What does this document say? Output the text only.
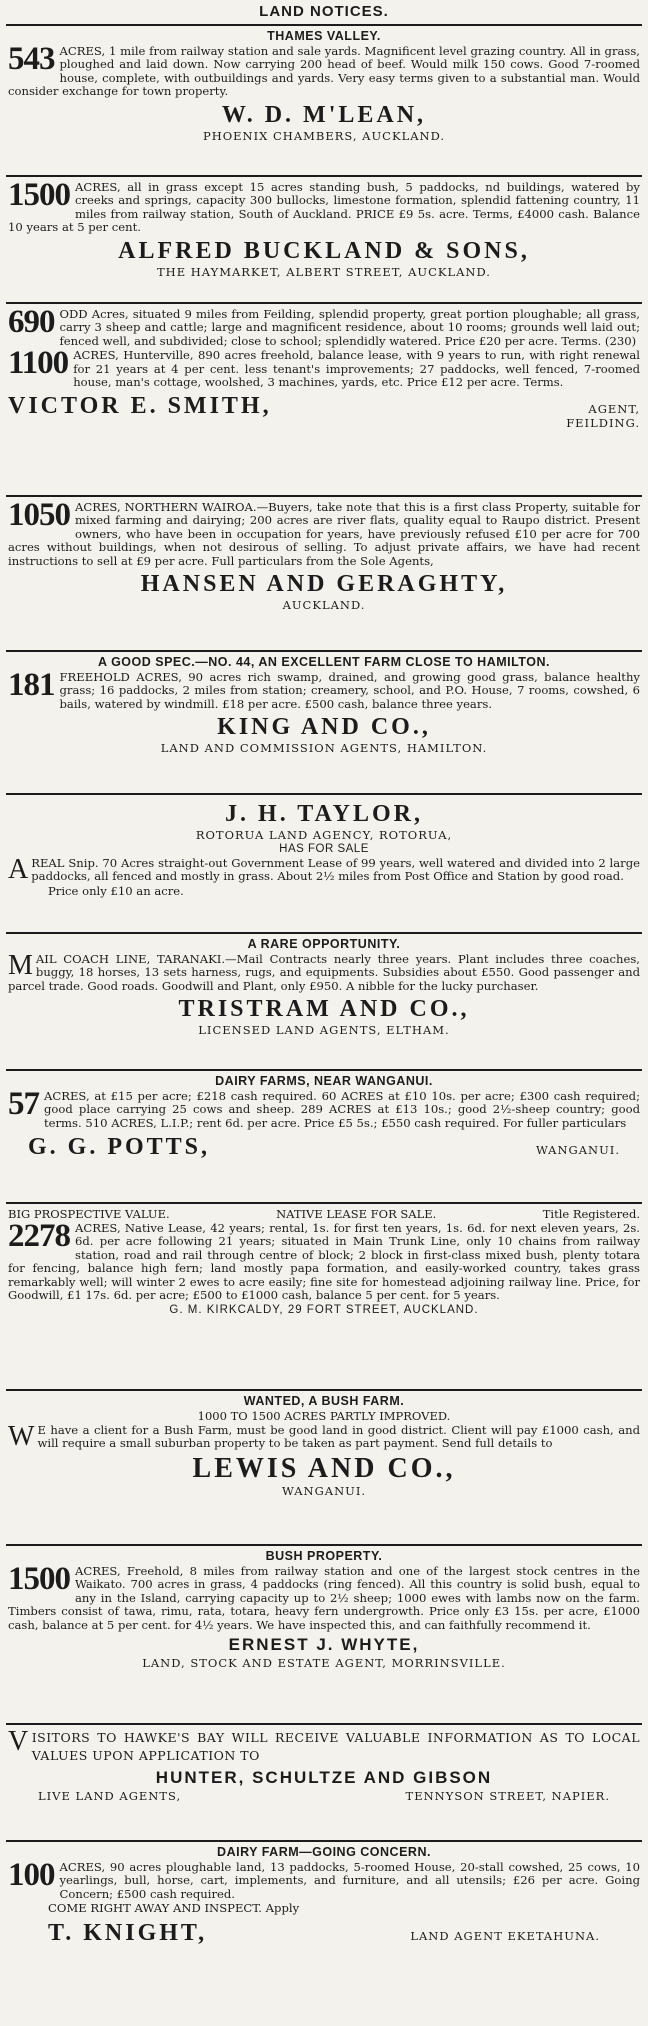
LAND NOTICES.
THAMES VALLEY.
543 ACRES, 1 mile from railway station and sale yards. Magnificent level grazing country. All in grass, ploughed and laid down. Now carrying 200 head of beef. Would milk 150 cows. Good 7-roomed house, complete, with outbuildings and yards. Very easy terms given to a substantial man. Would consider exchange for town property.
W. D. M'LEAN,
PHOENIX CHAMBERS, AUCKLAND.
1500 ACRES, all in grass except 15 acres standing bush, 5 paddocks, nd buildings, watered by creeks and springs, capacity 300 bullocks, limestone formation, splendid fattening country, 11 miles from railway station, South of Auckland. PRICE £9 5s. acre. Terms, £4000 cash. Balance 10 years at 5 per cent.
ALFRED BUCKLAND & SONS,
THE HAYMARKET, ALBERT STREET, AUCKLAND.
690 ODD Acres, situated 9 miles from Feilding, splendid property, great portion ploughable; all grass, carry 3 sheep and cattle; large and magnificent residence, about 10 rooms; grounds well laid out; fenced well, and subdivided; close to school; splendidly watered. Price £20 per acre. Terms. (230)
1100 ACRES, Hunterville, 890 acres freehold, balance lease, with 9 years to run, with right renewal for 21 years at 4 per cent. less tenant's improvements; 27 paddocks, well fenced, 7-roomed house, man's cottage, woolshed, 3 machines, yards, etc. Price £12 per acre. Terms.
VICTOR E. SMITH,	AGENT,
FEILDING.
1050 ACRES, NORTHERN WAIROA.—Buyers, take note that this is a first class Property, suitable for mixed farming and dairying; 200 acres are river flats, quality equal to Raupo district. Present owners, who have been in occupation for years, have previously refused £10 per acre for 700 acres without buildings, when not desirous of selling. To adjust private affairs, we have had recent instructions to sell at £9 per acre. Full particulars from the Sole Agents,
HANSEN AND GERAGHTY,
AUCKLAND.
A GOOD SPEC.—NO. 44, AN EXCELLENT FARM CLOSE TO HAMILTON.
181 FREEHOLD ACRES, 90 acres rich swamp, drained, and growing good grass, balance healthy grass; 16 paddocks, 2 miles from station; creamery, school, and P.O. House, 7 rooms, cowshed, 6 bails, watered by windmill. £18 per acre. £500 cash, balance three years.
KING AND CO.,
LAND AND COMMISSION AGENTS, HAMILTON.
J. H. TAYLOR,
ROTORUA LAND AGENCY, ROTORUA,
HAS FOR SALE
A REAL Snip. 70 Acres straight-out Government Lease of 99 years, well watered and divided into 2 large paddocks, all fenced and mostly in grass. About 2½ miles from Post Office and Station by good road.
Price only £10 an acre.
A RARE OPPORTUNITY.
M AIL COACH LINE, TARANAKI.—Mail Contracts nearly three years. Plant includes three coaches, buggy, 18 horses, 13 sets harness, rugs, and equipments. Subsidies about £550. Good passenger and parcel trade. Good roads. Goodwill and Plant, only £950. A nibble for the lucky purchaser.
TRISTRAM AND CO.,
LICENSED LAND AGENTS, ELTHAM.
DAIRY FARMS, NEAR WANGANUI.
57 ACRES, at £15 per acre; £218 cash required. 60 ACRES at £10 10s. per acre; £300 cash required; good place carrying 25 cows and sheep. 289 ACRES at £13 10s.; good 2½-sheep country; good terms. 510 ACRES, L.I.P.; rent 6d. per acre. Price £5 5s.; £550 cash required. For fuller particulars
G. G. POTTS,	WANGANUI.
BIG PROSPECTIVE VALUE.	NATIVE LEASE FOR SALE.	Title Registered.
2278 ACRES, Native Lease, 42 years; rental, 1s. for first ten years, 1s. 6d. for next eleven years, 2s. 6d. per acre following 21 years; situated in Main Trunk Line, only 10 chains from railway station, road and rail through centre of block; 2 block in first-class mixed bush, plenty totara for fencing, balance high fern; land mostly papa formation, and easily-worked country, takes grass remarkably well; will winter 2 ewes to acre easily; fine site for homestead adjoining railway line. Price, for Goodwill, £1 17s. 6d. per acre; £500 to £1000 cash, balance 5 per cent. for 5 years.
G. M. KIRKCALDY, 29 FORT STREET, AUCKLAND.
WANTED, A BUSH FARM.
1000 TO 1500 ACRES PARTLY IMPROVED.
W E have a client for a Bush Farm, must be good land in good district. Client will pay £1000 cash, and will require a small suburban property to be taken as part payment. Send full details to
LEWIS AND CO.,
WANGANUI.
BUSH PROPERTY.
1500 ACRES, Freehold, 8 miles from railway station and one of the largest stock centres in the Waikato. 700 acres in grass, 4 paddocks (ring fenced). All this country is solid bush, equal to any in the Island, carrying capacity up to 2½ sheep; 1000 ewes with lambs now on the farm. Timbers consist of tawa, rimu, rata, totara, heavy fern undergrowth. Price only £3 15s. per acre, £1000 cash, balance at 5 per cent. for 4½ years. We have inspected this, and can faithfully recommend it.
ERNEST J. WHYTE,
LAND, STOCK AND ESTATE AGENT, MORRINSVILLE.
V ISITORS TO HAWKE'S BAY WILL RECEIVE VALUABLE INFORMATION AS TO LOCAL VALUES UPON APPLICATION TO
HUNTER, SCHULTZE AND GIBSON
LIVE LAND AGENTS,	TENNYSON STREET, NAPIER.
DAIRY FARM—GOING CONCERN.
100 ACRES, 90 acres ploughable land, 13 paddocks, 5-roomed House, 20-stall cowshed, 25 cows, 10 yearlings, bull, horse, cart, implements, and furniture, and all utensils; £26 per acre. Going Concern; £500 cash required.
COME RIGHT AWAY AND INSPECT. Apply
T. KNIGHT,	LAND AGENT EKETAHUNA.
